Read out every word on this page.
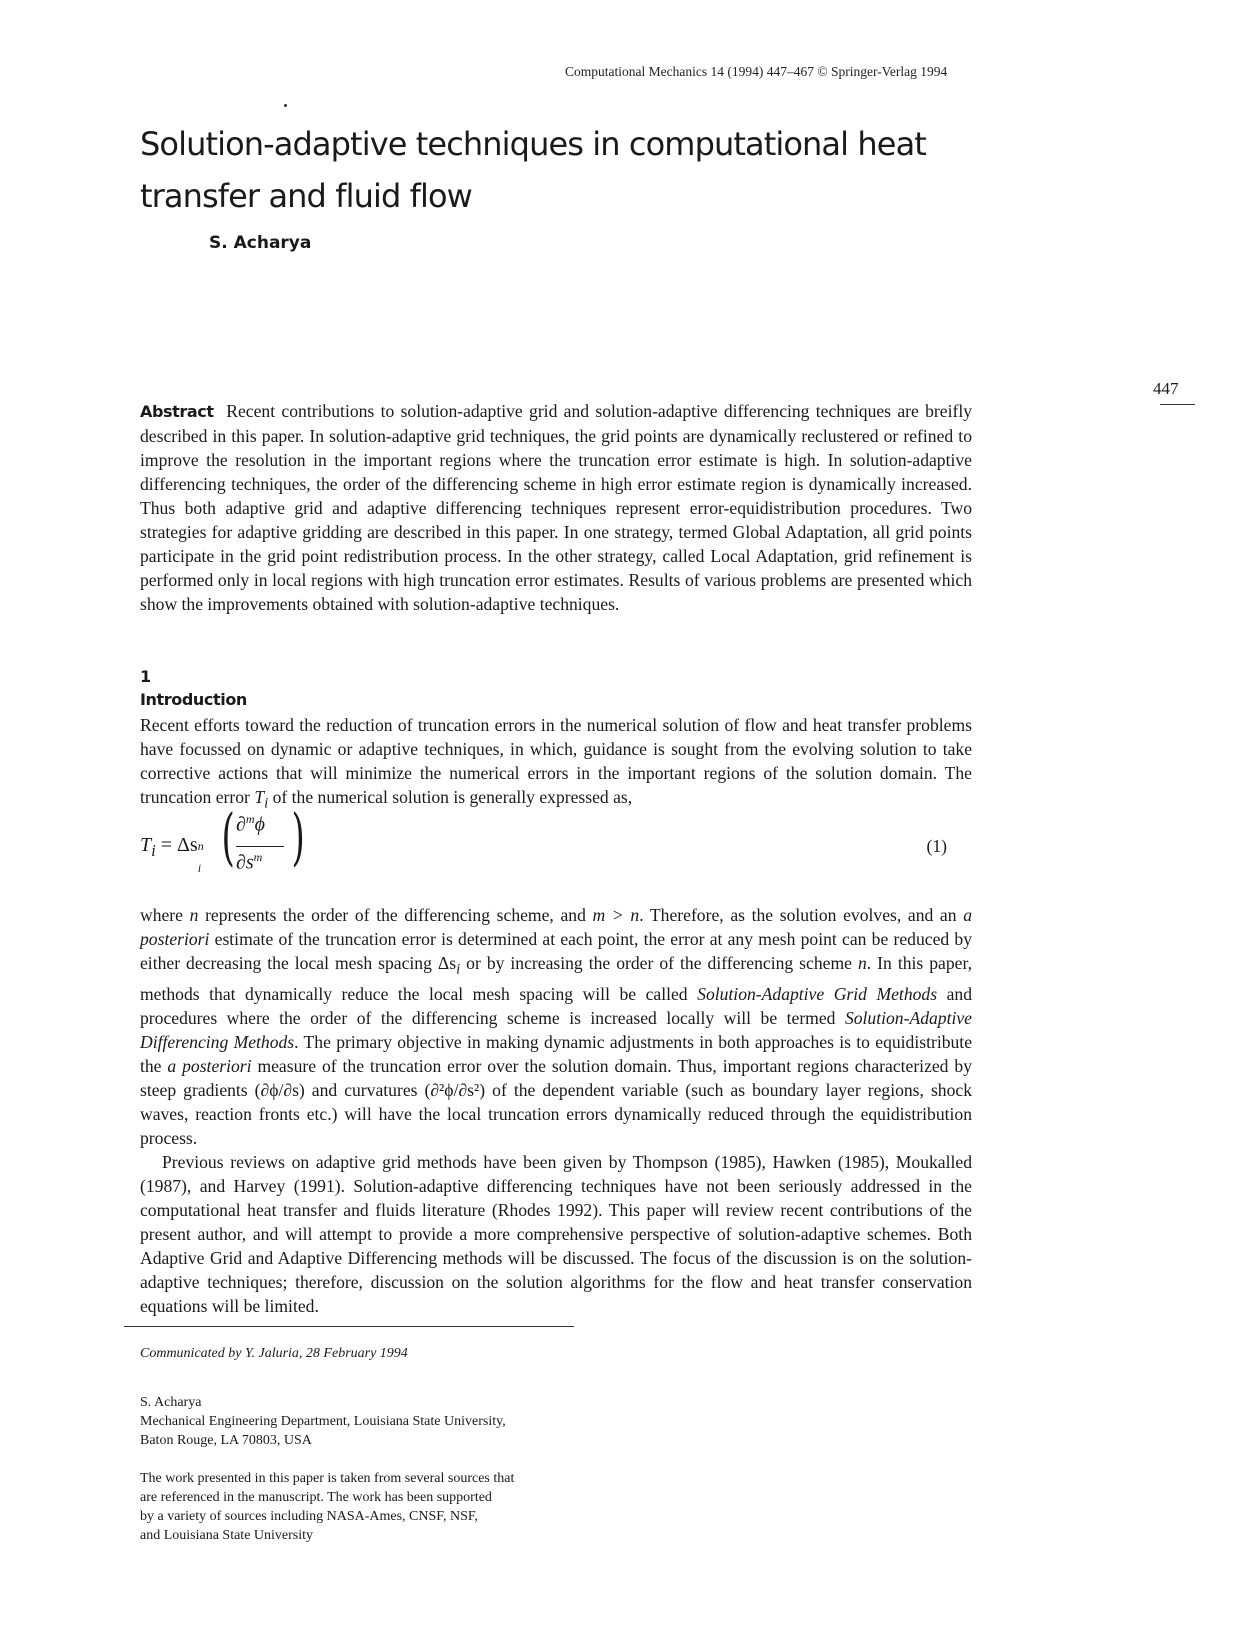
Computational Mechanics 14 (1994) 447–467 © Springer-Verlag 1994
447
Solution-adaptive techniques in computational heat transfer and fluid flow
S. Acharya

Abstract Recent contributions to solution-adaptive grid and solution-adaptive differencing techniques are breifly described in this paper. In solution-adaptive grid techniques, the grid points are dynamically reclustered or refined to improve the resolution in the important regions where the truncation error estimate is high. In solution-adaptive differencing techniques, the order of the differencing scheme in high error estimate region is dynamically increased. Thus both adaptive grid and adaptive differencing techniques represent error-equidistribution procedures. Two strategies for adaptive gridding are described in this paper. In one strategy, termed Global Adaptation, all grid points participate in the grid point redistribution process. In the other strategy, called Local Adaptation, grid refinement is performed only in local regions with high truncation error estimates. Results of various problems are presented which show the improvements obtained with solution-adaptive techniques.

1
Introduction

Recent efforts toward the reduction of truncation errors in the numerical solution of flow and heat transfer problems have focussed on dynamic or adaptive techniques, in which, guidance is sought from the evolving solution to take corrective actions that will minimize the numerical errors in the important regions of the solution domain. The truncation error $T_i$ of the numerical solution is generally expressed as,

$T_i = \Delta s$ n
i ( ∂$^m$ϕ
$\partial s^m$ )	(1)

where n represents the order of the differencing scheme, and m > n. Therefore, as the solution evolves, and an a posteriori estimate of the truncation error is determined at each point, the error at any mesh point can be reduced by either decreasing the local mesh spacing $\Delta s_i$ or by increasing the order of the differencing scheme n. In this paper, methods that dynamically reduce the local mesh spacing will be called Solution-Adaptive Grid Methods and procedures where the order of the differencing scheme is increased locally will be termed Solution-Adaptive Differencing Methods. The primary objective in making dynamic adjustments in both approaches is to equidistribute the a posteriori measure of the truncation error over the solution domain. Thus, important regions characterized by steep gradients (∂ϕ/∂s) and curvatures (∂²ϕ/∂s²) of the dependent variable (such as boundary layer regions, shock waves, reaction fronts etc.) will have the local truncation errors dynamically reduced through the equidistribution process.
Previous reviews on adaptive grid methods have been given by Thompson (1985), Hawken (1985), Moukalled (1987), and Harvey (1991). Solution-adaptive differencing techniques have not been seriously addressed in the computational heat transfer and fluids literature (Rhodes 1992). This paper will review recent contributions of the present author, and will attempt to provide a more comprehensive perspective of solution-adaptive schemes. Both Adaptive Grid and Adaptive Differencing methods will be discussed. The focus of the discussion is on the solution-adaptive techniques; therefore, discussion on the solution algorithms for the flow and heat transfer conservation equations will be limited.

Communicated by Y. Jaluria, 28 February 1994

S. Acharya
Mechanical Engineering Department, Louisiana State University,
Baton Rouge, LA 70803, USA

The work presented in this paper is taken from several sources that
are referenced in the manuscript. The work has been supported
by a variety of sources including NASA-Ames, CNSF, NSF,
and Louisiana State University
